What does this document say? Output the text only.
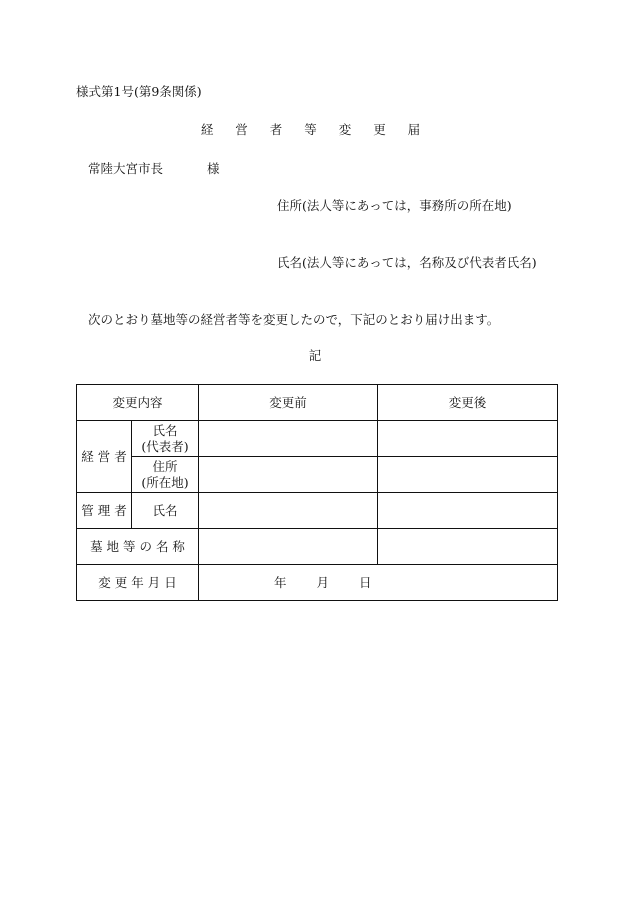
様式第1号(第9条関係)
経 営 者 等 変 更 届
常陸大宮市長	様
住所(法人等にあっては，事務所の所在地)
氏名(法人等にあっては，名称及び代表者氏名)
次のとおり墓地等の経営者等を変更したので，下記のとおり届け出ます。
記
変更内容		変更前	変更後
経 営 者	氏名
(代表者)		

	住所
(所在地)		

管 理 者	氏名		
墓 地 等 の 名 称			
変 更 年 月 日		年 月 日	
